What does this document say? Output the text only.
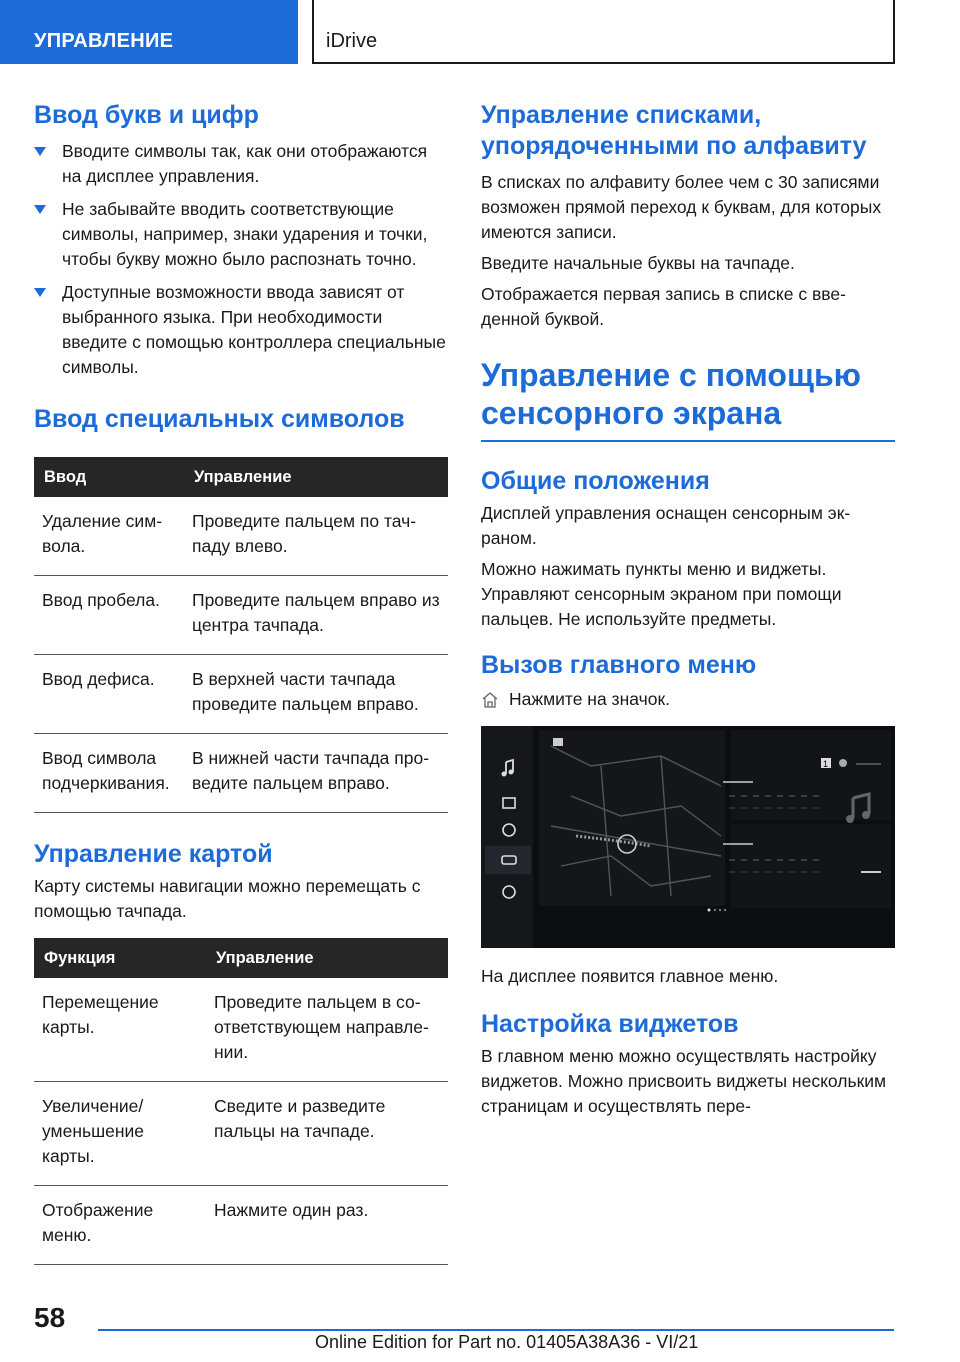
УПРАВЛЕНИЕ	iDrive
Ввод букв и цифр
Вводите символы так, как они отображаются на дисплее управления.
Не забывайте вводить соответствующие символы, например, знаки ударения и точки, чтобы букву можно было распознать точно.
Доступные возможности ввода зависят от выбранного языка. При необходимости введите с помощью контроллера специальные символы.
Ввод специальных символов
Ввод	Управление
Удаление символа.	Проведите пальцем по тачпаду влево.
Ввод пробела.	Проведите пальцем вправо из центра тачпада.
Ввод дефиса.	В верхней части тачпада проведите пальцем вправо.
Ввод символа подчеркивания.	В нижней части тачпада проведите пальцем вправо.
Управление картой

Карту системы навигации можно перемещать с помощью тачпада.

Функция	Управление
Перемещение карты.	Проведите пальцем в соответствующем направлении.
Увеличение/ уменьшение карты.	Сведите и разведите пальцы на тачпаде.
Отображение меню.	Нажмите один раз.
Управление списками, упорядоченными по алфавиту

В списках по алфавиту более чем с 30 записями возможен прямой переход к буквам, для которых имеются записи.

Введите начальные буквы на тачпаде.

Отображается первая запись в списке с введенной буквой.

Управление с помощью сенсорного экрана
Общие положения

Дисплей управления оснащен сенсорным экраном.

Можно нажимать пункты меню и виджеты. Управляют сенсорным экраном при помощи пальцев. Не используйте предметы.

Вызов главного меню
Нажмите на значок.
1

На дисплее появится главное меню.

Настройка виджетов

В главном меню можно осуществлять настройку виджетов. Можно присвоить виджеты нескольким страницам и осуществлять пере-

58
Online Edition for Part no. 01405A38A36 - VI/21
